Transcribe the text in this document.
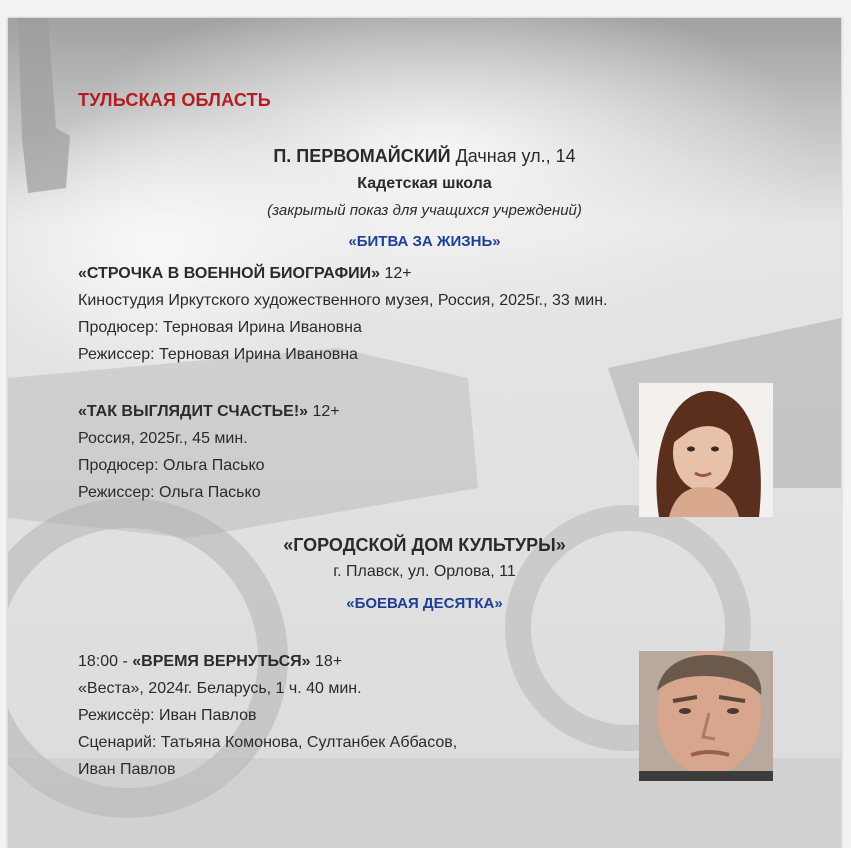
ТУЛЬСКАЯ ОБЛАСТЬ
П. ПЕРВОМАЙСКИЙ Дачная ул., 14
Кадетская школа
(закрытый показ для учащихся учреждений)
«БИТВА ЗА ЖИЗНЬ»
«СТРОЧКА В ВОЕННОЙ БИОГРАФИИ» 12+
Киностудия Иркутского художественного музея, Россия, 2025г., 33 мин.
Продюсер: Терновая Ирина Ивановна
Режиссер: Терновая Ирина Ивановна
«ТАК ВЫГЛЯДИТ СЧАСТЬЕ!» 12+
Россия, 2025г., 45 мин.
Продюсер: Ольга Пасько
Режиссер: Ольга Пасько
«ГОРОДСКОЙ ДОМ КУЛЬТУРЫ»
г. Плавск, ул. Орлова, 11
«БОЕВАЯ ДЕСЯТКА»
18:00 - «ВРЕМЯ ВЕРНУТЬСЯ» 18+
«Веста», 2024г. Беларусь, 1 ч. 40 мин.
Режиссёр: Иван Павлов
Сценарий: Татьяна Комонова, Султанбек Аббасов,
Иван Павлов
